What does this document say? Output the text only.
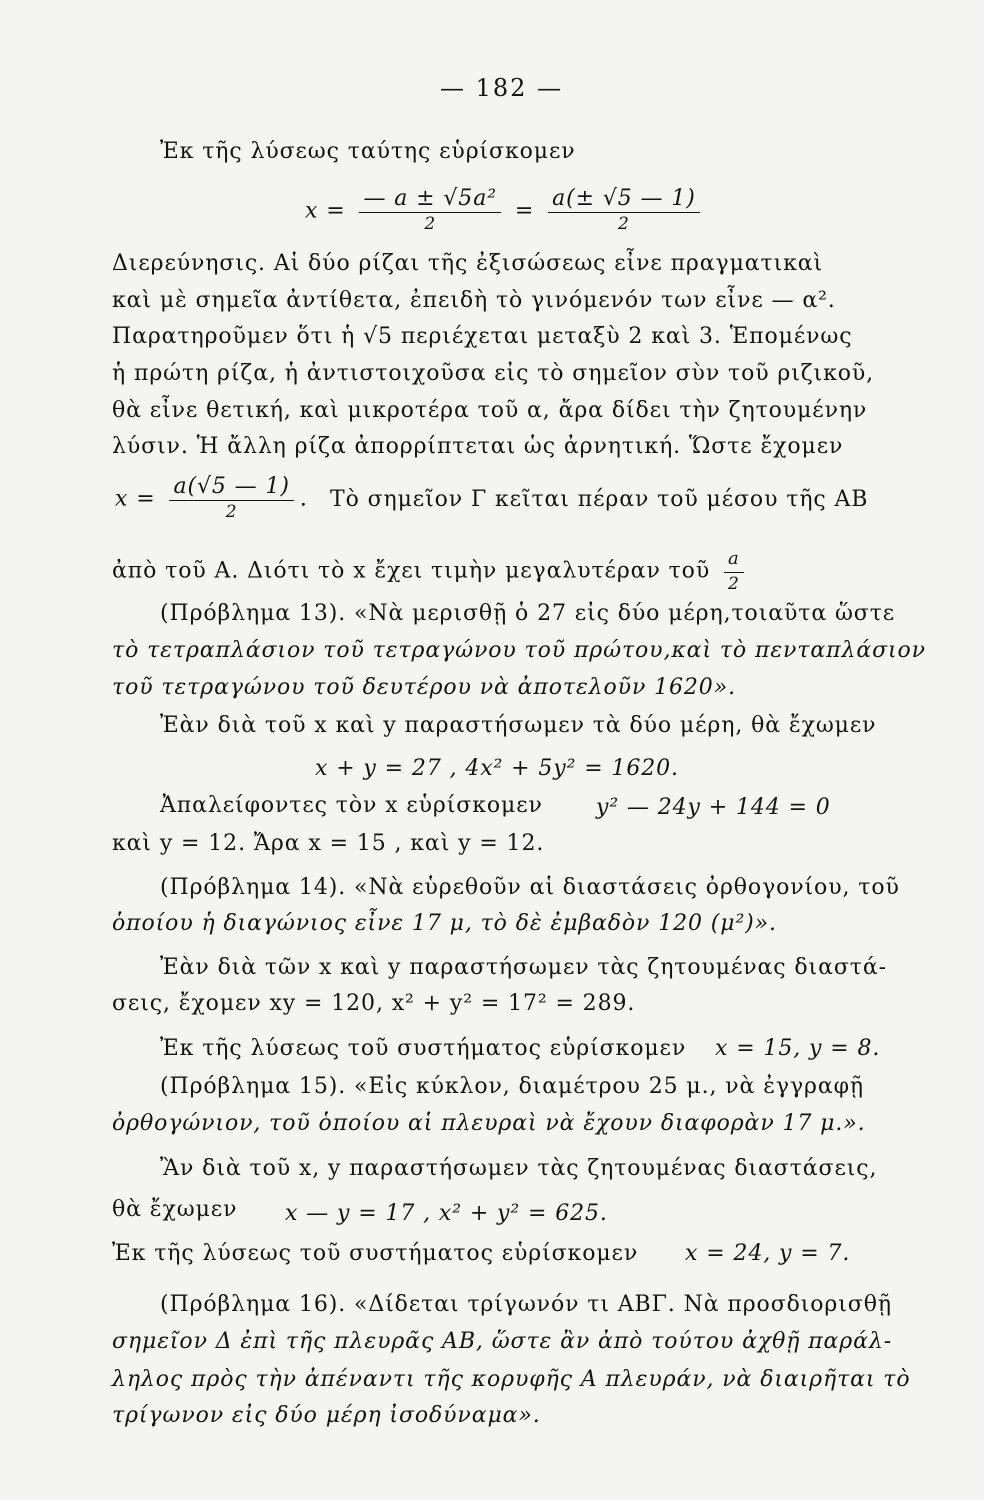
— 182 —
Ἐκ τῆς λύσεως ταύτης εὑρίσκομεν
$x = \frac{\text{— a ± √5a²}}{2} = \frac{a(\pm √5 — 1)}{2}$
Διερεύνησις. Αἱ δύο ρίζαι τῆς ἐξισώσεως εἶνε πραγματικαὶ
καὶ μὲ σημεῖα ἀντίθετα, ἐπειδὴ τὸ γινόμενόν των εἶνε — α².
Παρατηροῦμεν ὅτι ἡ √5 περιέχεται μεταξὺ 2 καὶ 3. Ἑπομένως
ἡ πρώτη ρίζα, ἡ ἀντιστοιχοῦσα εἰς τὸ σημεῖον σὺν τοῦ ριζικοῦ,
θὰ εἶνε θετική, καὶ μικροτέρα τοῦ α, ἄρα δίδει τὴν ζητουμένην
λύσιν. Ἡ ἄλλη ρίζα ἀπορρίπτεται ὡς ἀρνητική. Ὥστε ἔχομεν
$x = \frac{a(√5 — 1)}{2}$ . Τὸ σημεῖον Γ κεῖται πέραν τοῦ μέσου τῆς ΑΒ
ἀπὸ τοῦ Α. Διότι τὸ x ἔχει τιμὴν μεγαλυτέραν τοῦ $\frac{a}{2}$
(Πρόβλημα 13). «Νὰ μερισθῇ ὁ 27 εἰς δύο μέρη,τοιαῦτα ὥστε
τὸ τετραπλάσιον τοῦ τετραγώνου τοῦ πρώτου,καὶ τὸ πενταπλάσιον
τοῦ τετραγώνου τοῦ δευτέρου νὰ ἀποτελοῦν 1620».
Ἐὰν διὰ τοῦ x καὶ y παραστήσωμεν τὰ δύο μέρη, θὰ ἔχωμεν
x + y = 27 , 4x² + 5y² = 1620.
Ἀπαλείφοντες τὸν x εὑρίσκομεν y² — 24y + 144 = 0
καὶ y = 12. Ἄρα x = 15 , καὶ y = 12.
(Πρόβλημα 14). «Νὰ εὑρεθοῦν αἱ διαστάσεις ὀρθογονίου, τοῦ
ὁποίου ἡ διαγώνιος εἶνε 17 μ, τὸ δὲ ἐμβαδὸν 120 (μ²)».
Ἐὰν διὰ τῶν x καὶ y παραστήσωμεν τὰς ζητουμένας διαστά-
σεις, ἔχομεν xy = 120, x² + y² = 17² = 289.
Ἐκ τῆς λύσεως τοῦ συστήματος εὑρίσκομεν x = 15, y = 8.
(Πρόβλημα 15). «Εἰς κύκλον, διαμέτρου 25 μ., νὰ ἐγγραφῇ
ὀρθογώνιον, τοῦ ὁποίου αἱ πλευραὶ νὰ ἔχουν διαφορὰν 17 μ.».
Ἂν διὰ τοῦ x, y παραστήσωμεν τὰς ζητουμένας διαστάσεις,
θὰ ἔχωμεν x — y = 17 , x² + y² = 625.
Ἐκ τῆς λύσεως τοῦ συστήματος εὑρίσκομεν x = 24, y = 7.
(Πρόβλημα 16). «Δίδεται τρίγωνόν τι ΑΒΓ. Νὰ προσδιορισθῇ
σημεῖον Δ ἐπὶ τῆς πλευρᾶς ΑΒ, ὥστε ἂν ἀπὸ τούτου ἀχθῇ παράλ-
ληλος πρὸς τὴν ἀπέναντι τῆς κορυφῆς Α πλευράν, νὰ διαιρῆται τὸ
τρίγωνον εἰς δύο μέρη ἰσοδύναμα».
